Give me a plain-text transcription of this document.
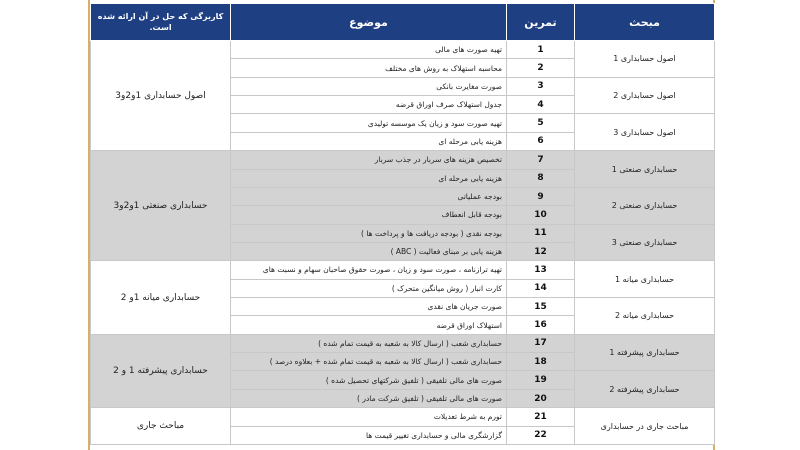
مبحث	تمرین	موضوع	کاربرگی که حل در آن ارائه شده است.
اصول حسابداری 1	1	تهیه صورت های مالی	اصول حسابداری 1و2و3
	2	محاسبه استهلاک به روش های مختلف	
اصول حسابداری 2	3	صورت مغایرت بانکی	
	4	جدول استهلاک صرف اوراق قرضه	
اصول حسابداری 3	5	تهیه صورت سود و زیان یک موسسه تولیدی	
	6	هزینه یابی مرحله ای	
حسابداری صنعتی 1	7	تخصیص هزینه های سربار در جذب سربار	حسابداری صنعتی 1و2و3
	8	هزینه یابی مرحله ای	
حسابداری صنعتی 2	9	بودجه عملیاتی	
	10	بودجه قابل انعطاف	
حسابداری صنعتی 3	11	بودجه نقدی ( بودجه دریافت ها و پرداخت ها )	
	12	هزینه یابی بر مبنای فعالیت ( ABC )	
حسابداری میانه 1	13	تهیه ترازنامه ، صورت سود و زیان ، صورت حقوق صاحبان سهام و نسبت های	حسابداری میانه 1و 2
	14	کارت انبار ( روش میانگین متحرک )	
حسابداری میانه 2	15	صورت جریان های نقدی	
	16	استهلاک اوراق قرضه	
حسابداری پیشرفته 1	17	حسابداری شعب ( ارسال کالا به شعبه به قیمت تمام شده )	حسابداری پیشرفته 1 و 2
	18	حسابداری شعب ( ارسال کالا به شعبه به قیمت تمام شده + بعلاوه درصد )	
حسابداری پیشرفته 2	19	صورت های مالی تلفیقی ( تلفیق شرکتهای تحصیل شده )	
	20	صورت های مالی تلفیقی ( تلفیق شرکت مادر )	
مباحث جاری در حسابداری	21	تورم به شرط تعدیلات	مباحث جاری
	22	گزارشگری مالی و حسابداری تغییر قیمت ها	
